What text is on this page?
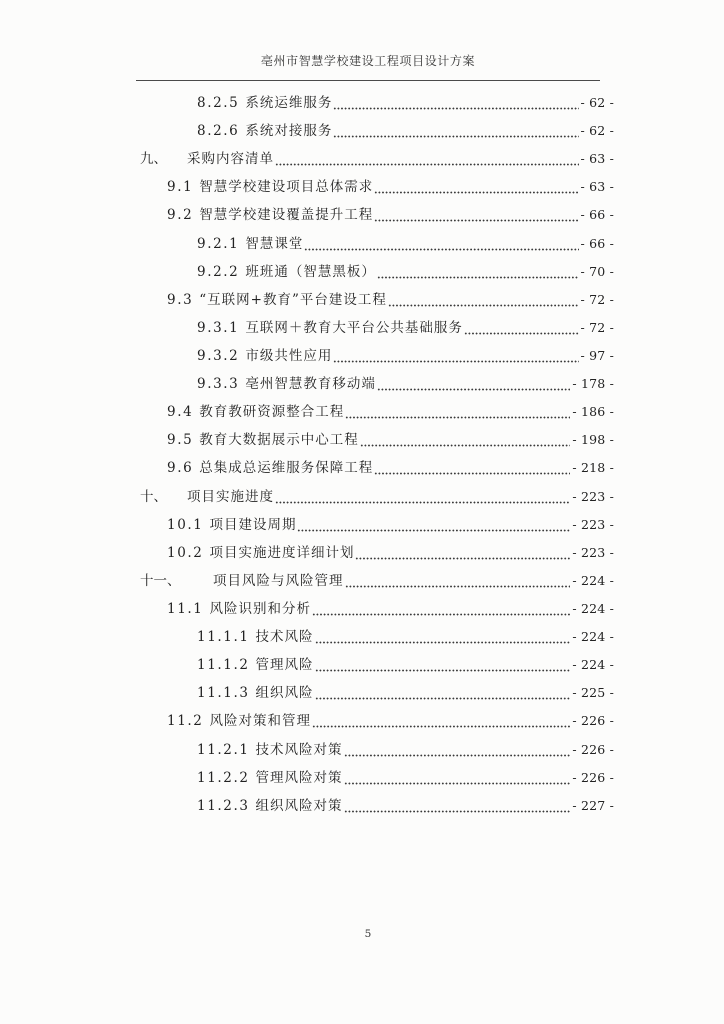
亳州市智慧学校建设工程项目设计方案
8.2.5 系统运维服务	- 62 -
8.2.6 系统对接服务	- 62 -
九、	采购内容清单	- 63 -
9.1 智慧学校建设项目总体需求	- 63 -
9.2 智慧学校建设覆盖提升工程	- 66 -
9.2.1 智慧课堂	- 66 -
9.2.2 班班通（智慧黑板）	- 70 -
9.3 “互联网+教育”平台建设工程	- 72 -
9.3.1 互联网＋教育大平台公共基础服务	- 72 -
9.3.2 市级共性应用	- 97 -
9.3.3 亳州智慧教育移动端	- 178 -
9.4 教育教研资源整合工程	- 186 -
9.5 教育大数据展示中心工程	- 198 -
9.6 总集成总运维服务保障工程	- 218 -
十、	项目实施进度	- 223 -
10.1 项目建设周期	- 223 -
10.2 项目实施进度详细计划	- 223 -
十一、	项目风险与风险管理	- 224 -
11.1 风险识别和分析	- 224 -
11.1.1 技术风险	- 224 -
11.1.2 管理风险	- 224 -
11.1.3 组织风险	- 225 -
11.2 风险对策和管理	- 226 -
11.2.1 技术风险对策	- 226 -
11.2.2 管理风险对策	- 226 -
11.2.3 组织风险对策	- 227 -
5
